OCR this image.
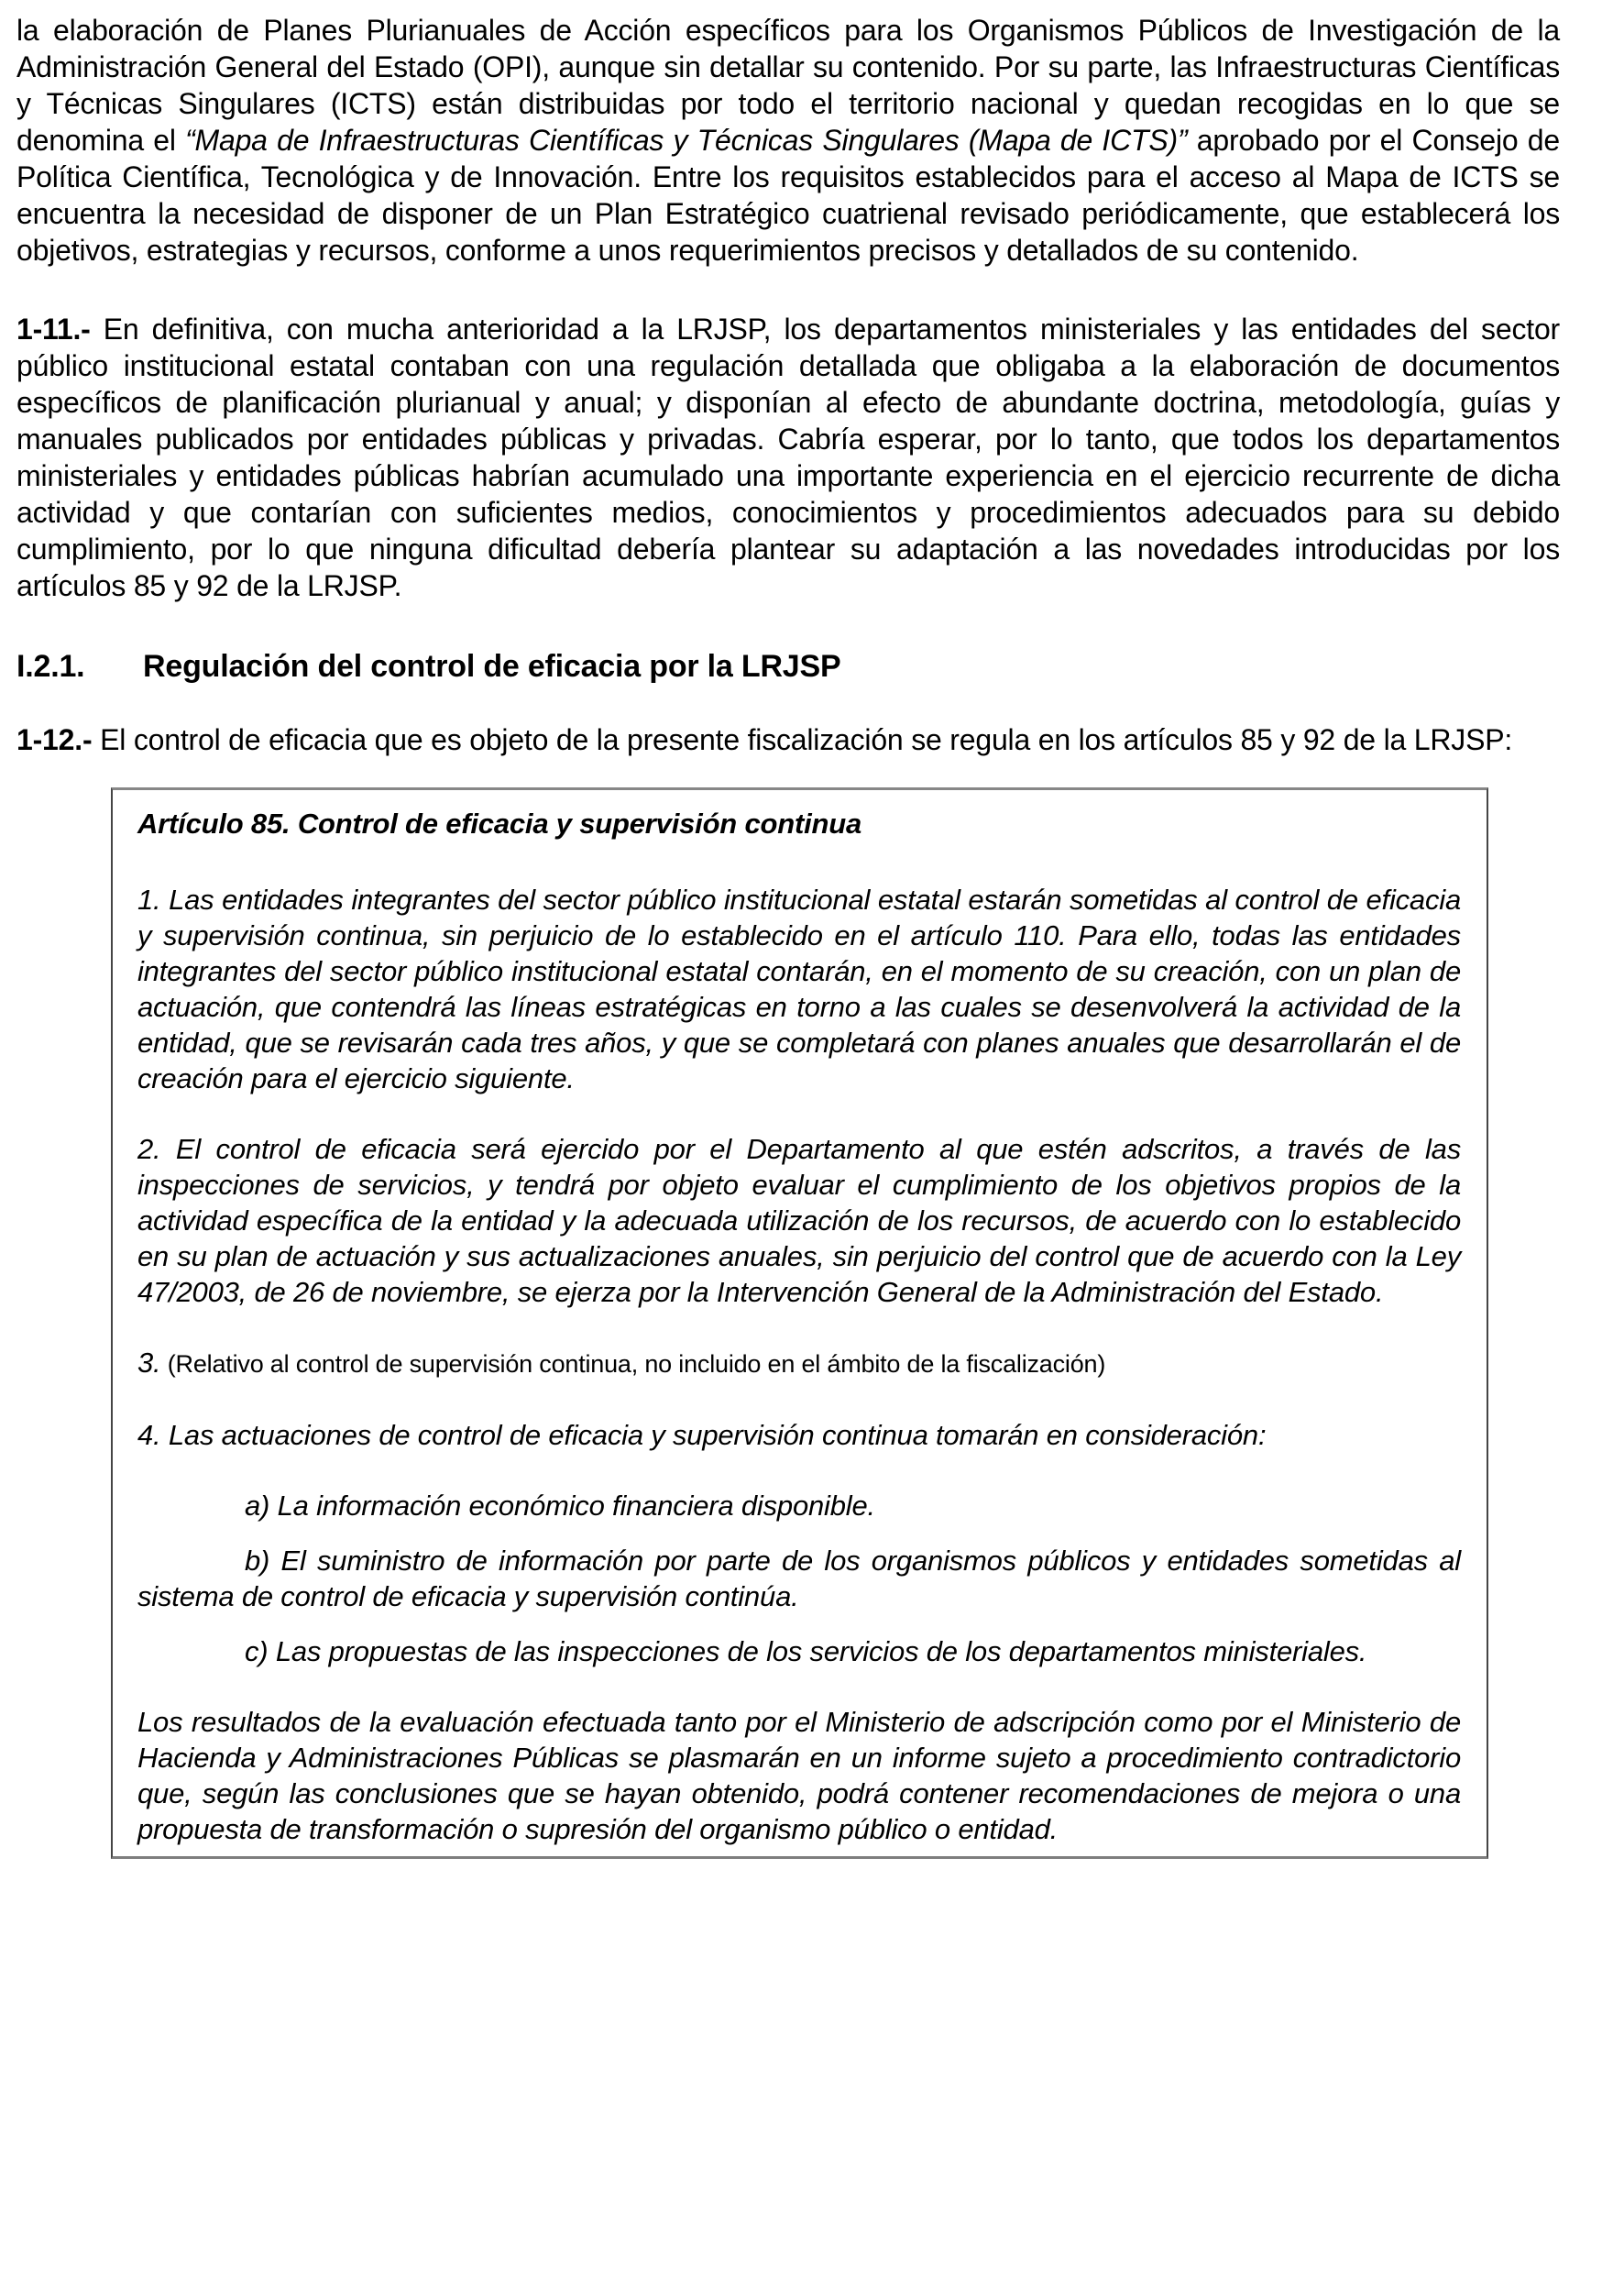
la elaboración de Planes Plurianuales de Acción específicos para los Organismos Públicos de Investigación de la Administración General del Estado (OPI), aunque sin detallar su contenido. Por su parte, las Infraestructuras Científicas y Técnicas Singulares (ICTS) están distribuidas por todo el territorio nacional y quedan recogidas en lo que se denomina el “Mapa de Infraestructuras Científicas y Técnicas Singulares (Mapa de ICTS)” aprobado por el Consejo de Política Científica, Tecnológica y de Innovación. Entre los requisitos establecidos para el acceso al Mapa de ICTS se encuentra la necesidad de disponer de un Plan Estratégico cuatrienal revisado periódicamente, que establecerá los objetivos, estrategias y recursos, conforme a unos requerimientos precisos y detallados de su contenido.

1-11.- En definitiva, con mucha anterioridad a la LRJSP, los departamentos ministeriales y las entidades del sector público institucional estatal contaban con una regulación detallada que obligaba a la elaboración de documentos específicos de planificación plurianual y anual; y disponían al efecto de abundante doctrina, metodología, guías y manuales publicados por entidades públicas y privadas. Cabría esperar, por lo tanto, que todos los departamentos ministeriales y entidades públicas habrían acumulado una importante experiencia en el ejercicio recurrente de dicha actividad y que contarían con suficientes medios, conocimientos y procedimientos adecuados para su debido cumplimiento, por lo que ninguna dificultad debería plantear su adaptación a las novedades introducidas por los artículos 85 y 92 de la LRJSP.

I.2.1. Regulación del control de eficacia por la LRJSP

1-12.- El control de eficacia que es objeto de la presente fiscalización se regula en los artículos 85 y 92 de la LRJSP:

Artículo 85. Control de eficacia y supervisión continua

1. Las entidades integrantes del sector público institucional estatal estarán sometidas al control de eficacia y supervisión continua, sin perjuicio de lo establecido en el artículo 110. Para ello, todas las entidades integrantes del sector público institucional estatal contarán, en el momento de su creación, con un plan de actuación, que contendrá las líneas estratégicas en torno a las cuales se desenvolverá la actividad de la entidad, que se revisarán cada tres años, y que se completará con planes anuales que desarrollarán el de creación para el ejercicio siguiente.

2. El control de eficacia será ejercido por el Departamento al que estén adscritos, a través de las inspecciones de servicios, y tendrá por objeto evaluar el cumplimiento de los objetivos propios de la actividad específica de la entidad y la adecuada utilización de los recursos, de acuerdo con lo establecido en su plan de actuación y sus actualizaciones anuales, sin perjuicio del control que de acuerdo con la Ley 47/2003, de 26 de noviembre, se ejerza por la Intervención General de la Administración del Estado.

3. (Relativo al control de supervisión continua, no incluido en el ámbito de la fiscalización)

4. Las actuaciones de control de eficacia y supervisión continua tomarán en consideración:

a) La información económico financiera disponible.

b) El suministro de información por parte de los organismos públicos y entidades sometidas al sistema de control de eficacia y supervisión continúa.

c) Las propuestas de las inspecciones de los servicios de los departamentos ministeriales.

Los resultados de la evaluación efectuada tanto por el Ministerio de adscripción como por el Ministerio de Hacienda y Administraciones Públicas se plasmarán en un informe sujeto a procedimiento contradictorio que, según las conclusiones que se hayan obtenido, podrá contener recomendaciones de mejora o una propuesta de transformación o supresión del organismo público o entidad.
